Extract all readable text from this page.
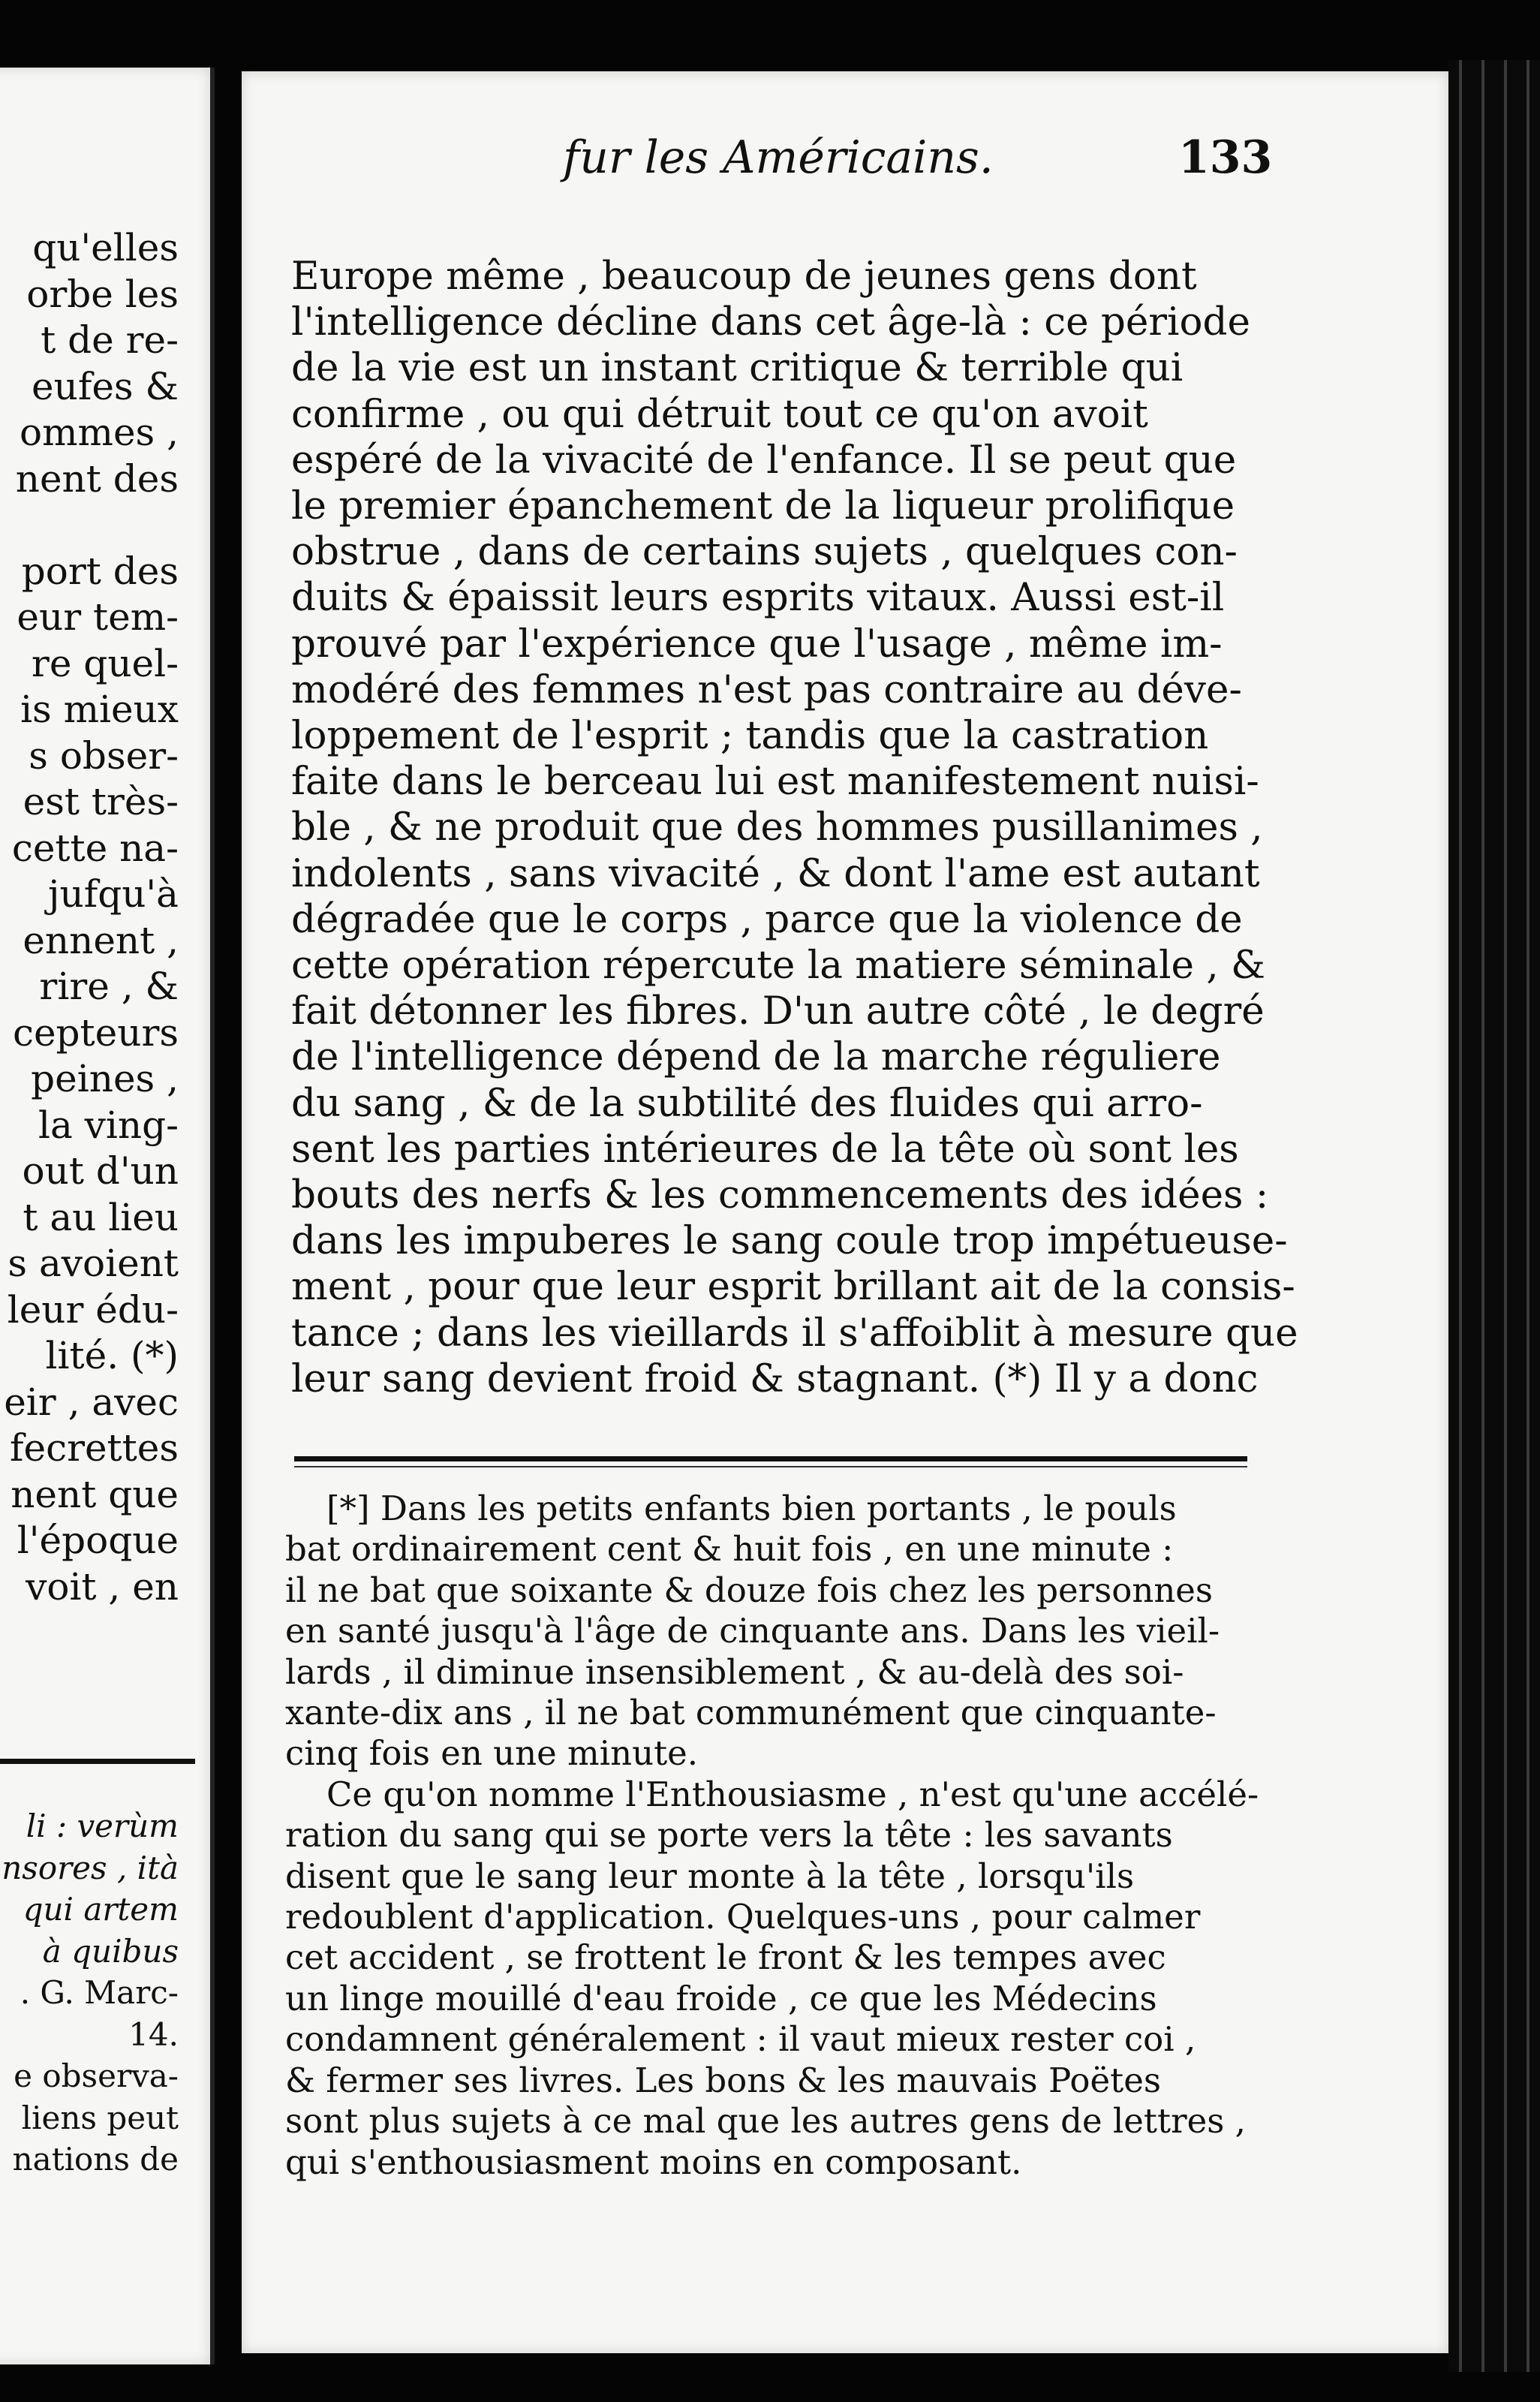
qu'elles
orbe les
t de re-
eufes &
ommes ,
nent des

port des
eur tem-
re quel-
is mieux
s obser-
est très-
cette na-
jufqu'à
ennent ,
rire , &
cepteurs
peines ,
la ving-
out d'un
t au lieu
s avoient
leur édu-
lité. (*)
eir , avec
fecrettes
nent que
l'époque
voit , en
li : verùm
nsores , ità
qui artem
à quibus
. G. Marc-
14.
e observa-
liens peut
nations de
fur les Américains.	133
Europe même , beaucoup de jeunes gens dont
l'intelligence décline dans cet âge-là : ce période
de la vie est un instant critique & terrible qui
confirme , ou qui détruit tout ce qu'on avoit
espéré de la vivacité de l'enfance. Il se peut que
le premier épanchement de la liqueur prolifique
obstrue , dans de certains sujets , quelques con-
duits & épaissit leurs esprits vitaux. Aussi est-il
prouvé par l'expérience que l'usage , même im-
modéré des femmes n'est pas contraire au déve-
loppement de l'esprit ; tandis que la castration
faite dans le berceau lui est manifestement nuisi-
ble , & ne produit que des hommes pusillanimes ,
indolents , sans vivacité , & dont l'ame est autant
dégradée que le corps , parce que la violence de
cette opération répercute la matiere séminale , &
fait détonner les fibres. D'un autre côté , le degré
de l'intelligence dépend de la marche réguliere
du sang , & de la subtilité des fluides qui arro-
sent les parties intérieures de la tête où sont les
bouts des nerfs & les commencements des idées :
dans les impuberes le sang coule trop impétueuse-
ment , pour que leur esprit brillant ait de la consis-
tance ; dans les vieillards il s'affoiblit à mesure que
leur sang devient froid & stagnant. (*) Il y a donc
[*] Dans les petits enfants bien portants , le pouls
bat ordinairement cent & huit fois , en une minute :
il ne bat que soixante & douze fois chez les personnes
en santé jusqu'à l'âge de cinquante ans. Dans les vieil-
lards , il diminue insensiblement , & au-delà des soi-
xante-dix ans , il ne bat communément que cinquante-
cinq fois en une minute.
Ce qu'on nomme l'Enthousiasme , n'est qu'une accélé-
ration du sang qui se porte vers la tête : les savants
disent que le sang leur monte à la tête , lorsqu'ils
redoublent d'application. Quelques-uns , pour calmer
cet accident , se frottent le front & les tempes avec
un linge mouillé d'eau froide , ce que les Médecins
condamnent généralement : il vaut mieux rester coi ,
& fermer ses livres. Les bons & les mauvais Poëtes
sont plus sujets à ce mal que les autres gens de lettres ,
qui s'enthousiasment moins en composant.
